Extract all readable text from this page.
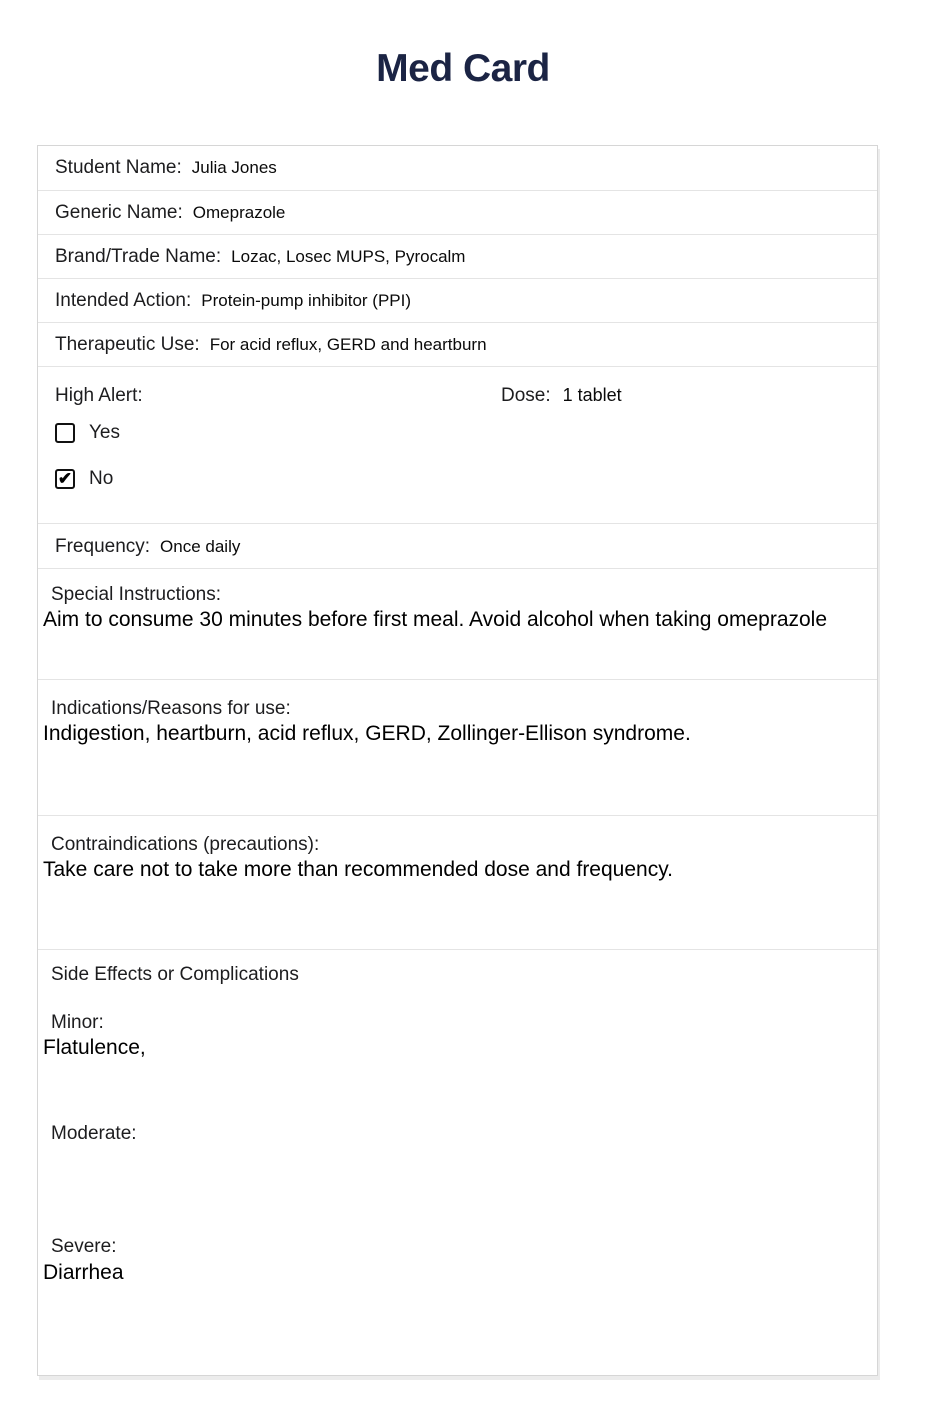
Med Card
Student Name: Julia Jones
Generic Name: Omeprazole
Brand/Trade Name: Lozac, Losec MUPS, Pyrocalm
Intended Action: Protein-pump inhibitor (PPI)
Therapeutic Use: For acid reflux, GERD and heartburn
High Alert:	Dose: 1 tablet
Yes
✔ No
Frequency: Once daily
Special Instructions:
Aim to consume 30 minutes before first meal. Avoid alcohol when taking omeprazole
Indications/Reasons for use:
Indigestion, heartburn, acid reflux, GERD, Zollinger-Ellison syndrome.
Contraindications (precautions):
Take care not to take more than recommended dose and frequency.
Side Effects or Complications
Minor:
Flatulence,
Moderate:
Severe:
Diarrhea
